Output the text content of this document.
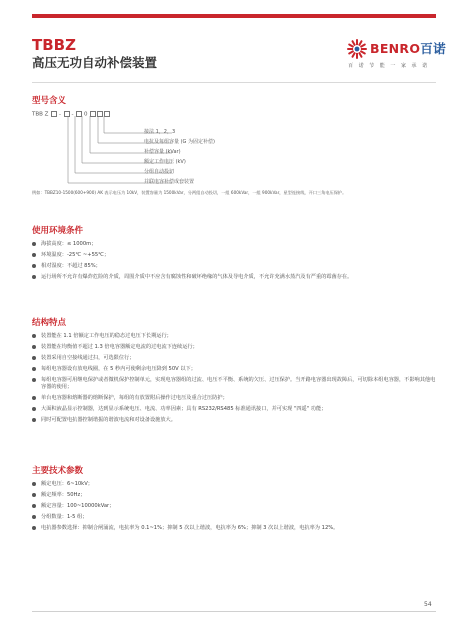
TBBZ
高压无功自动补偿装置
BENRO百诺
百 诺 节 能 一 家 承 诺
型号含义
TBB Z - - 0
接法 1，2，3
电抗及每组容量 (G 为固定补偿)
补偿容量 (kVar)
额定工作电压 (kV)
分组自动投切
并联电容补偿成套装置
例如：TBBZ10-1500(600+900) AK 表示电压为 10kV，装置容量为 1500kVar，分两组自动投切，一组 600kVar，一组 900kVar，星型连接线，开口三角电压保护。
使用环境条件
海拔高度：≤ 1000m；
环境温度：-25℃ ~+55℃；
相对湿度：不超过 85%；
运行场所不允许有爆炸危险的介质，周围介质中不应含有腐蚀性和破坏绝缘的气体及导电介质，不允许充满水蒸汽及有严重的霉菌存在。
结构特点
装置能在 1.1 倍额定工作电压的稳态过电压下长期运行；
装置能在均衡值不超过 1.3 倍电容器额定电流的过电流下连续运行；
装置采用自空接线通过扫，可选限位行；
每组电容器设有放电线圈，在 5 秒内可使剩余电压降到 50V 以下；
每组电容器可用继电保护或者微机保护控制单元，实现电容器组的过流、电压不平衡、系统的欠压、过压保护。当开路电容器出现故障后，可切除本组电容器，不影响其他电容器的使用；
单台电容器和熔断器的熔断保护，每组的有放置附后操作过电压及重合过压防护；
大面积液晶显示控制器，达到显示系统电压、电流、功率因素；具有 RS232/RS485 标准通讯接口，并可实现 "四遥" 功能；
同时可配置电抗器控制谐振的谐波电流和对设备设施放大。
主要技术参数
额定电压：6~10kV；
额定频率：50Hz；
额定容量：100~10000kVar；
分组数量：1-5 组；
电抗器参数选择：抑制合闸涌流，电抗率为 0.1~1%；抑制 5 次以上谐波，电抗率为 6%；抑制 3 次以上谐波，电抗率为 12%。
54
